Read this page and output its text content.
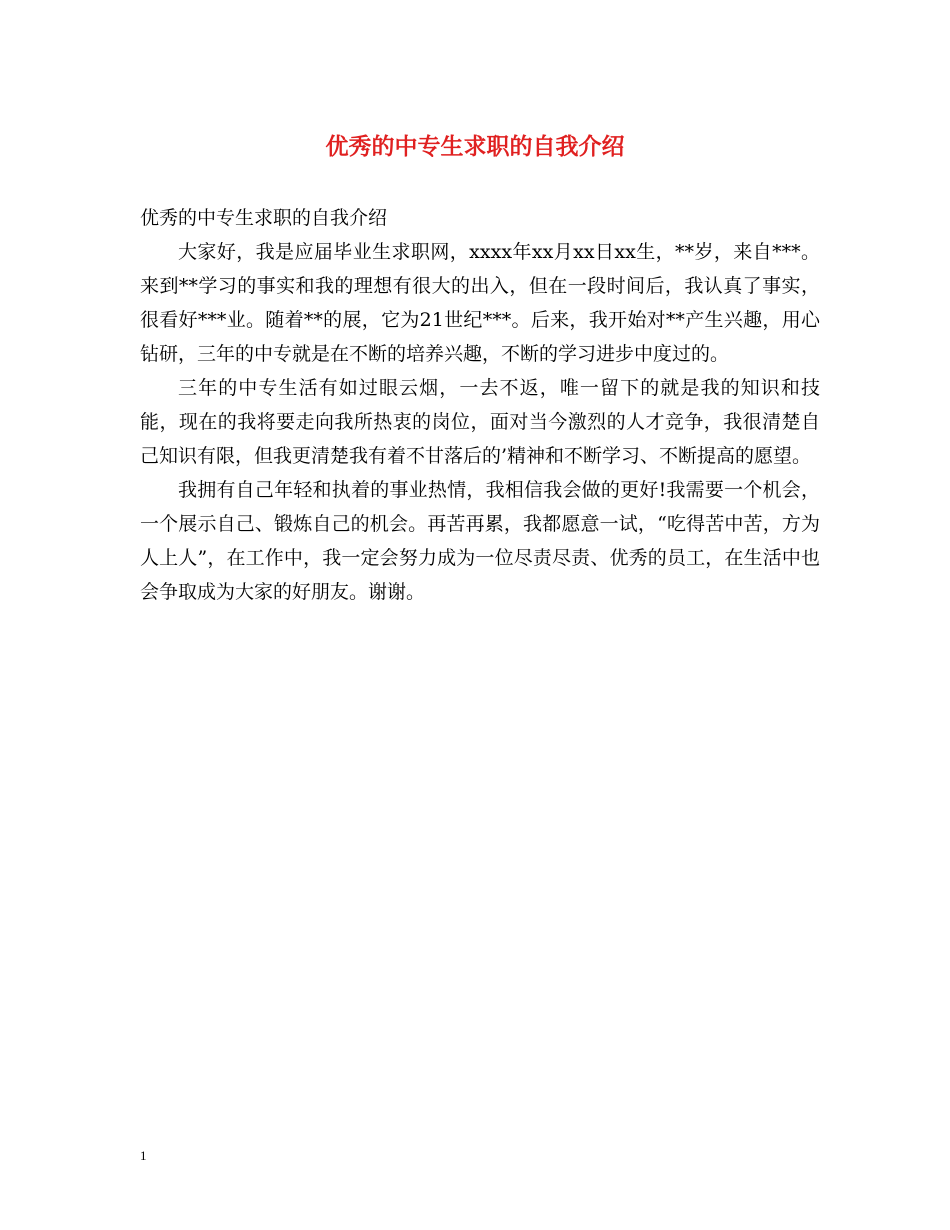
优秀的中专生求职的自我介绍

优秀的中专生求职的自我介绍

大家好，我是应届毕业生求职网，xxxx年xx月xx日xx生，**岁，来自***。来到**学习的事实和我的理想有很大的出入，但在一段时间后，我认真了事实，很看好***业。随着**的展，它为21世纪***。后来，我开始对**产生兴趣，用心钻研，三年的中专就是在不断的培养兴趣，不断的学习进步中度过的。

三年的中专生活有如过眼云烟，一去不返，唯一留下的就是我的知识和技能，现在的我将要走向我所热衷的岗位，面对当今激烈的人才竞争，我很清楚自己知识有限，但我更清楚我有着不甘落后的’精神和不断学习、不断提高的愿望。

我拥有自己年轻和执着的事业热情，我相信我会做的更好!我需要一个机会，一个展示自己、锻炼自己的机会。再苦再累，我都愿意一试，“吃得苦中苦，方为人上人”，在工作中，我一定会努力成为一位尽责尽责、优秀的员工，在生活中也会争取成为大家的好朋友。谢谢。

1
